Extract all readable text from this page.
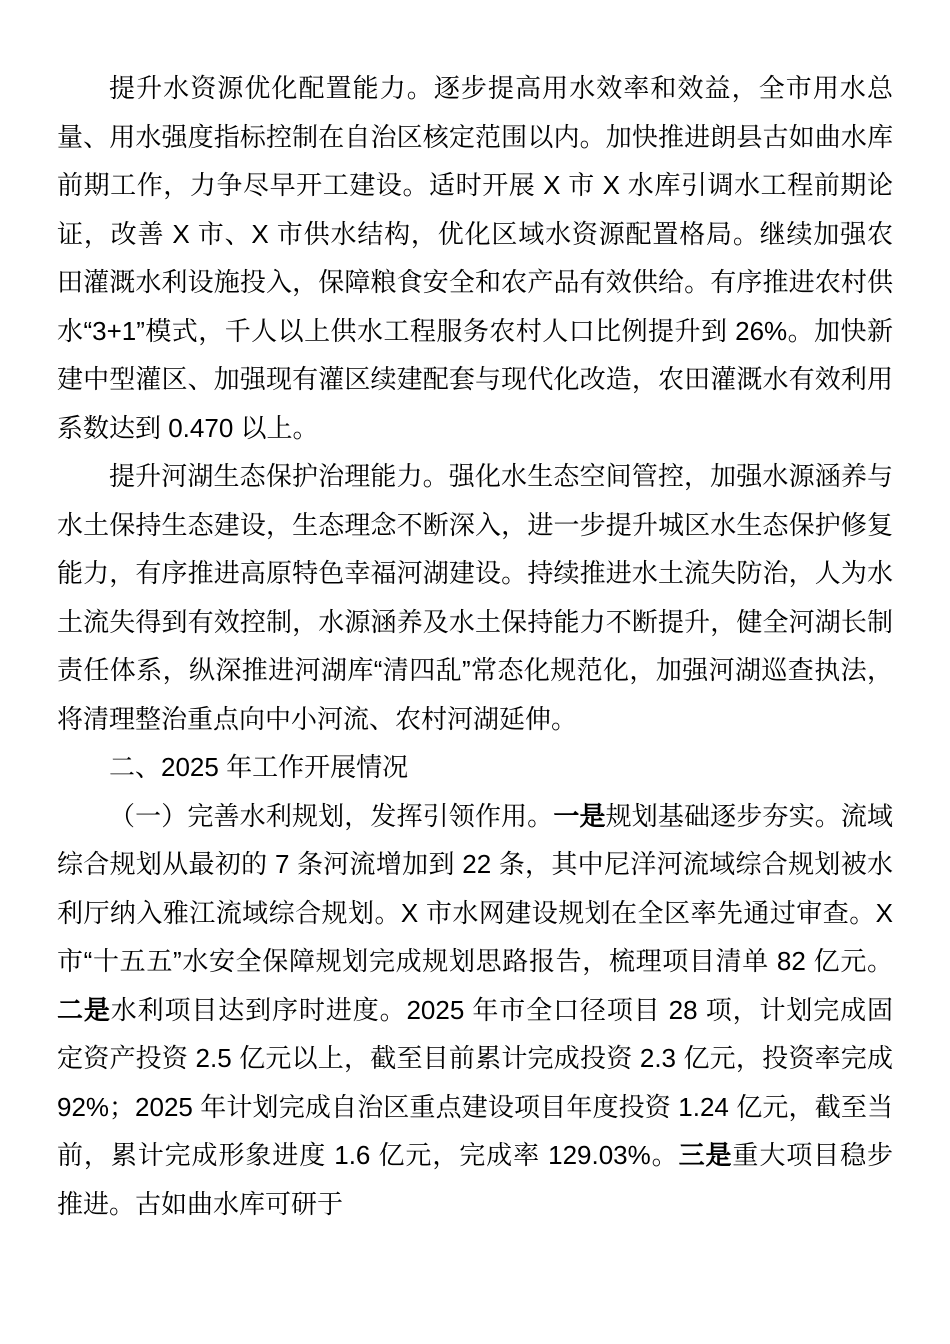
提升水资源优化配置能力。逐步提高用水效率和效益，全市用水总量、用水强度指标控制在自治区核定范围以内。加快推进朗县古如曲水库前期工作，力争尽早开工建设。适时开展 X 市 X 水库引调水工程前期论证，改善 X 市、X 市供水结构，优化区域水资源配置格局。继续加强农田灌溉水利设施投入，保障粮食安全和农产品有效供给。有序推进农村供水“3+1”模式，千人以上供水工程服务农村人口比例提升到 26%。加快新建中型灌区、加强现有灌区续建配套与现代化改造，农田灌溉水有效利用系数达到 0.470 以上。

提升河湖生态保护治理能力。强化水生态空间管控，加强水源涵养与水土保持生态建设，生态理念不断深入，进一步提升城区水生态保护修复能力，有序推进高原特色幸福河湖建设。持续推进水土流失防治，人为水土流失得到有效控制，水源涵养及水土保持能力不断提升，健全河湖长制责任体系，纵深推进河湖库“清四乱”常态化规范化，加强河湖巡查执法，将清理整治重点向中小河流、农村河湖延伸。

二、2025 年工作开展情况

（一）完善水利规划，发挥引领作用。一是规划基础逐步夯实。流域综合规划从最初的 7 条河流增加到 22 条，其中尼洋河流域综合规划被水利厅纳入雅江流域综合规划。X 市水网建设规划在全区率先通过审查。X 市“十五五”水安全保障规划完成规划思路报告，梳理项目清单 82 亿元。二是水利项目达到序时进度。2025 年市全口径项目 28 项，计划完成固定资产投资 2.5 亿元以上，截至目前累计完成投资 2.3 亿元，投资率完成 92%；2025 年计划完成自治区重点建设项目年度投资 1.24 亿元，截至当前，累计完成形象进度 1.6 亿元，完成率 129.03%。三是重大项目稳步推进。古如曲水库可研于
